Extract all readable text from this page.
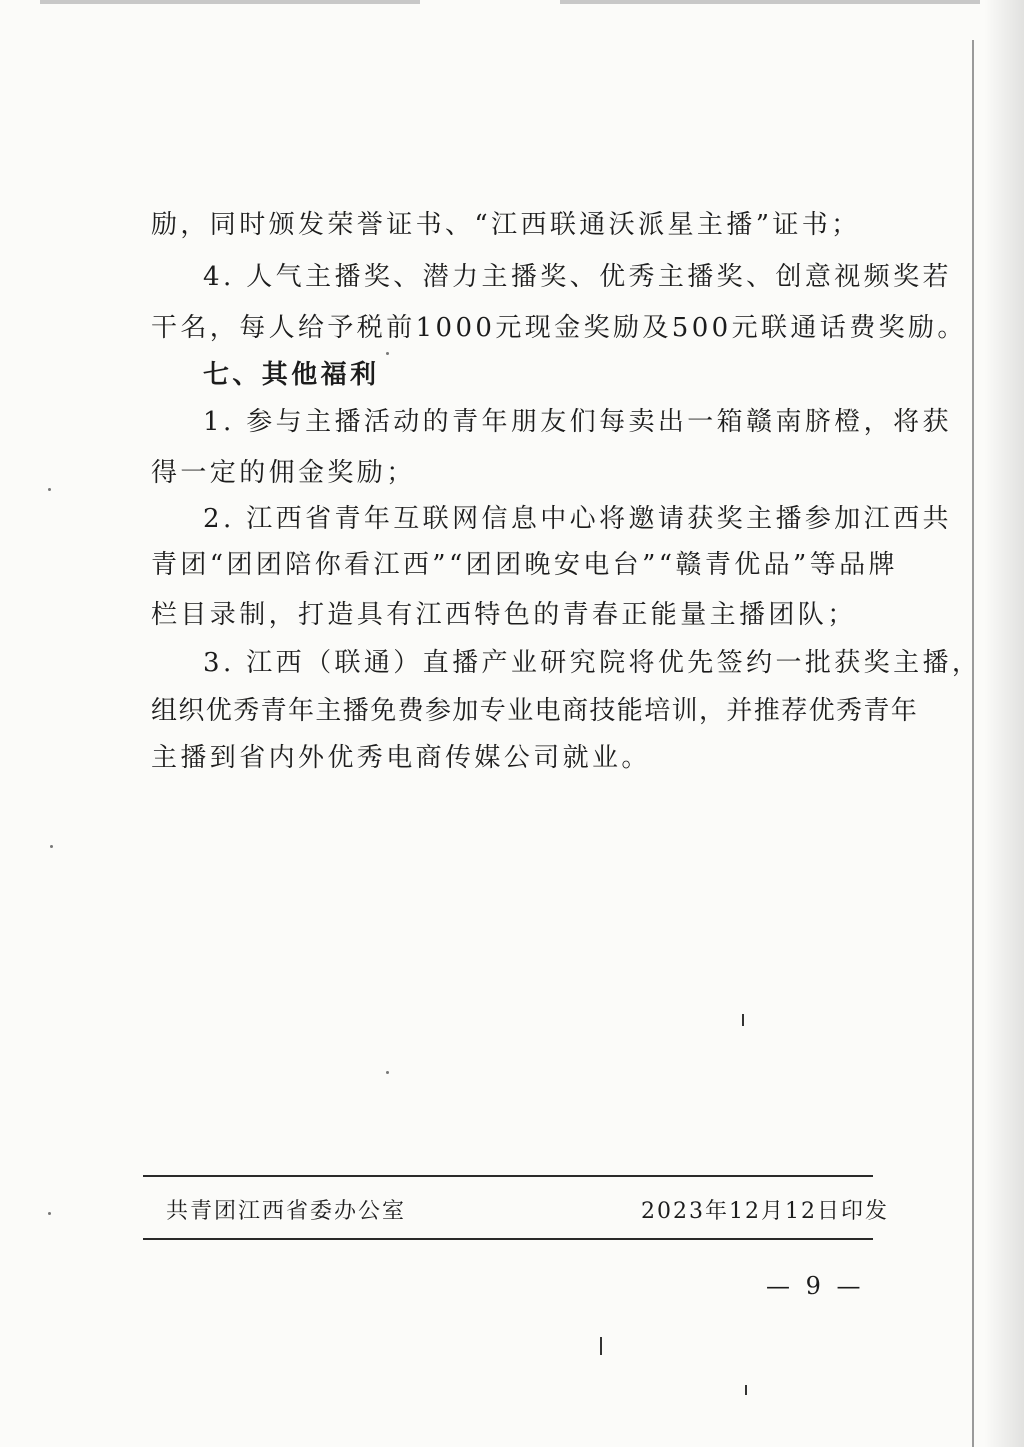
励，同时颁发荣誉证书、“江西联通沃派星主播”证书；
4. 人气主播奖、潜力主播奖、优秀主播奖、创意视频奖若
干名，每人给予税前1000元现金奖励及500元联通话费奖励。
七、其他福利
1. 参与主播活动的青年朋友们每卖出一箱赣南脐橙，将获
得一定的佣金奖励；
2. 江西省青年互联网信息中心将邀请获奖主播参加江西共
青团“团团陪你看江西”“团团晚安电台”“赣青优品”等品牌
栏目录制，打造具有江西特色的青春正能量主播团队；
3. 江西（联通）直播产业研究院将优先签约一批获奖主播，
组织优秀青年主播免费参加专业电商技能培训，并推荐优秀青年
主播到省内外优秀电商传媒公司就业。
共青团江西省委办公室	2023年12月12日印发
— 9 —
